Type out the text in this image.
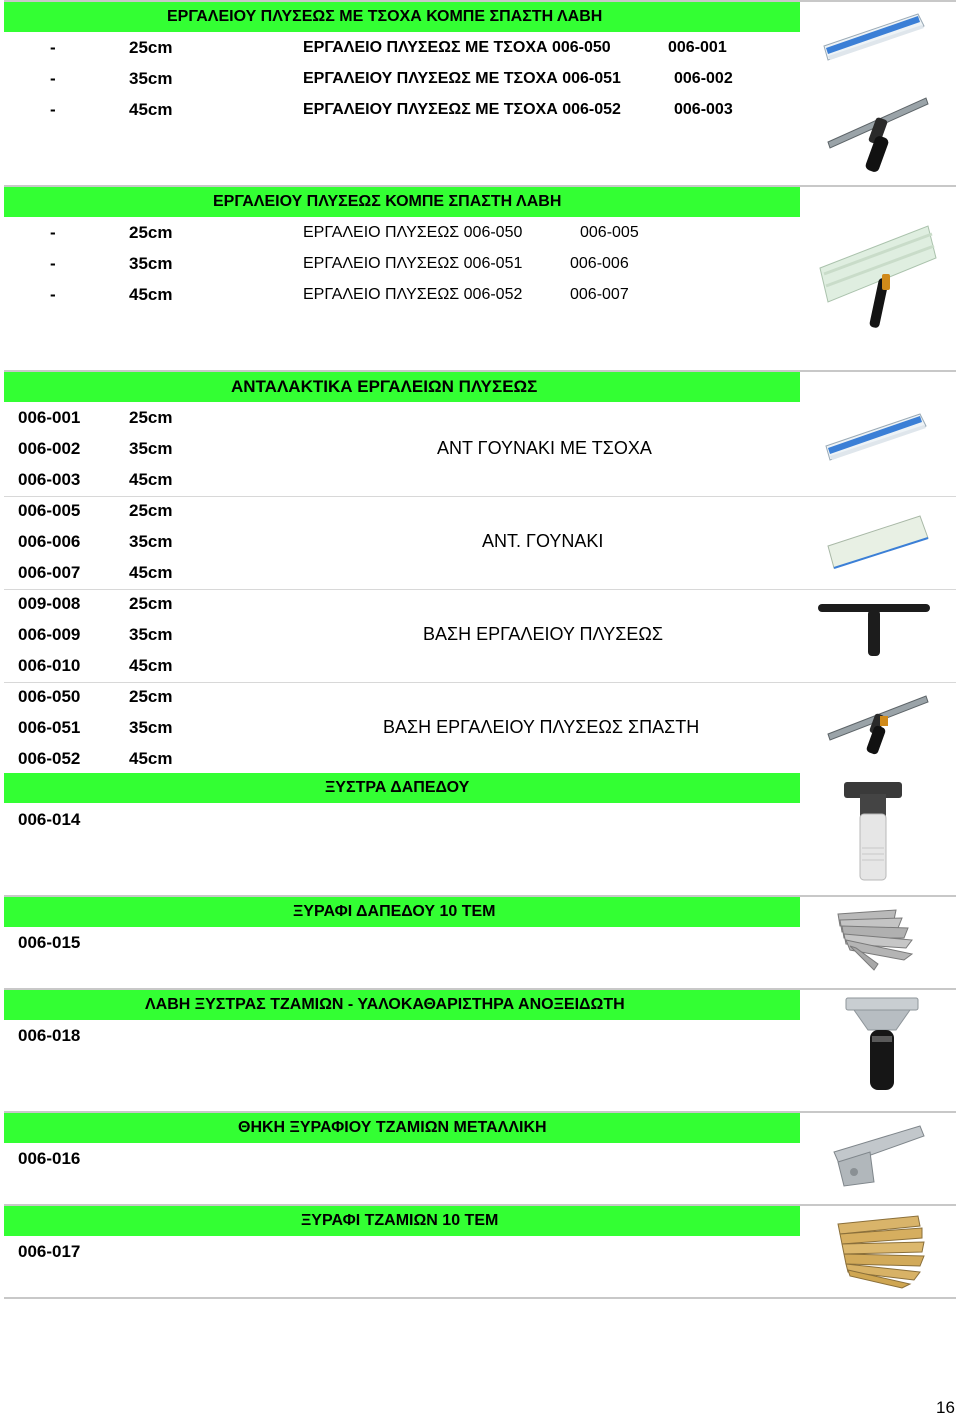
ΕΡΓΑΛΕΙΟΥ ΠΛΥΣΕΩΣ ΜΕ ΤΣΟΧΑ ΚΟΜΠΕ ΣΠΑΣΤΗ ΛΑΒΗ
-	25cm	ΕΡΓΑΛΕΙΟ ΠΛΥΣΕΩΣ ΜΕ ΤΣΟΧΑ 006-050	006-001
-	35cm	ΕΡΓΑΛΕΙΟΥ ΠΛΥΣΕΩΣ ΜΕ ΤΣΟΧΑ 006-051	006-002
-	45cm	ΕΡΓΑΛΕΙΟΥ ΠΛΥΣΕΩΣ ΜΕ ΤΣΟΧΑ 006-052	006-003
ΕΡΓΑΛΕΙΟΥ ΠΛΥΣΕΩΣ ΚΟΜΠΕ ΣΠΑΣΤΗ ΛΑΒΗ
-	25cm	ΕΡΓΑΛΕΙΟ ΠΛΥΣΕΩΣ 006-050	006-005
-	35cm	ΕΡΓΑΛΕΙΟ ΠΛΥΣΕΩΣ 006-051	006-006
-	45cm	ΕΡΓΑΛΕΙΟ ΠΛΥΣΕΩΣ 006-052	006-007
ΑΝΤΑΛΑΚΤΙΚΑ ΕΡΓΑΛΕΙΩΝ ΠΛΥΣΕΩΣ
006-001	25cm
006-002	35cm
006-003	45cm
ΑΝΤ ΓΟΥΝΑΚΙ ΜΕ ΤΣΟΧΑ
006-005	25cm
006-006	35cm
006-007	45cm
ΑΝΤ. ΓΟΥΝΑΚΙ
009-008	25cm
006-009	35cm
006-010	45cm
ΒΑΣΗ ΕΡΓΑΛΕΙΟΥ ΠΛΥΣΕΩΣ
006-050	25cm
006-051	35cm
006-052	45cm
ΒΑΣΗ ΕΡΓΑΛΕΙΟΥ ΠΛΥΣΕΩΣ ΣΠΑΣΤΗ
ΞΥΣΤΡΑ ΔΑΠΕΔΟΥ
006-014
ΞΥΡΑΦΙ ΔΑΠΕΔΟΥ 10 ΤΕΜ
006-015
ΛΑΒΗ ΞΥΣΤΡΑΣ ΤΖΑΜΙΩΝ - ΥΑΛΟΚΑΘΑΡΙΣΤΗΡΑ ΑΝΟΞΕΙΔΩΤΗ
006-018
ΘΗΚΗ ΞΥΡΑΦΙΟΥ ΤΖΑΜΙΩΝ ΜΕΤΑΛΛΙΚΗ
006-016
ΞΥΡΑΦΙ ΤΖΑΜΙΩΝ 10 ΤΕΜ
006-017
16
